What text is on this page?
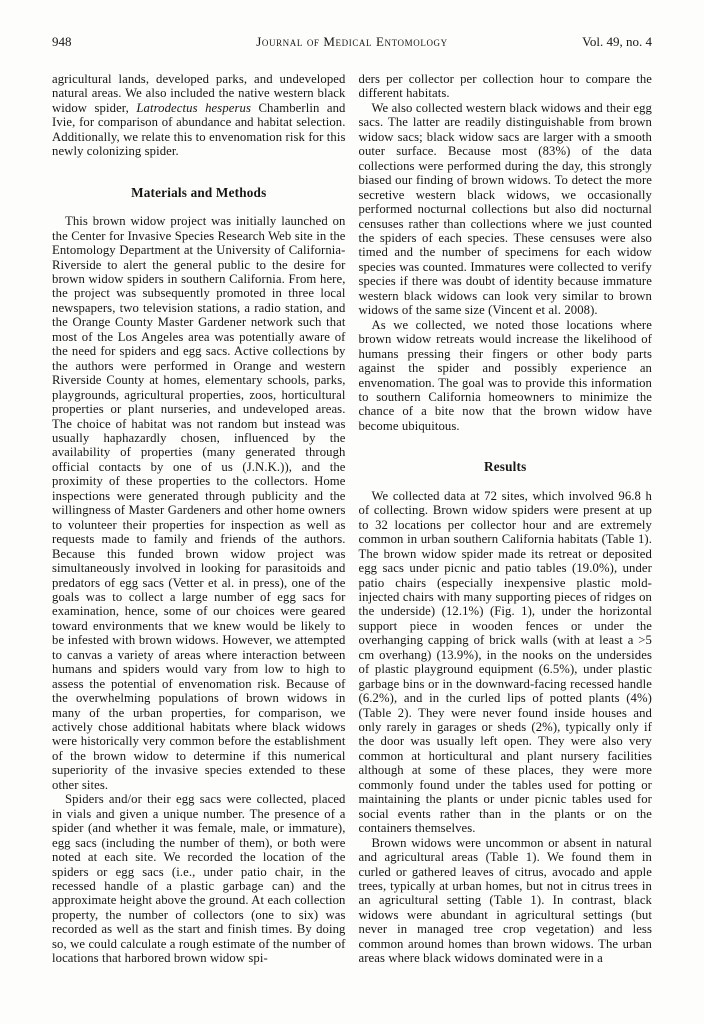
948	Journal of Medical Entomology	Vol. 49, no. 4

agricultural lands, developed parks, and undeveloped natural areas. We also included the native western black widow spider, Latrodectus hesperus Chamberlin and Ivie, for comparison of abundance and habitat selection. Additionally, we relate this to envenomation risk for this newly colonizing spider.

Materials and Methods

This brown widow project was initially launched on the Center for Invasive Species Research Web site in the Entomology Department at the University of California-Riverside to alert the general public to the desire for brown widow spiders in southern California. From here, the project was subsequently promoted in three local newspapers, two television stations, a radio station, and the Orange County Master Gardener network such that most of the Los Angeles area was potentially aware of the need for spiders and egg sacs. Active collections by the authors were performed in Orange and western Riverside County at homes, elementary schools, parks, playgrounds, agricultural properties, zoos, horticultural properties or plant nurseries, and undeveloped areas. The choice of habitat was not random but instead was usually haphazardly chosen, influenced by the availability of properties (many generated through official contacts by one of us (J.N.K.)), and the proximity of these properties to the collectors. Home inspections were generated through publicity and the willingness of Master Gardeners and other home owners to volunteer their properties for inspection as well as requests made to family and friends of the authors. Because this funded brown widow project was simultaneously involved in looking for parasitoids and predators of egg sacs (Vetter et al. in press), one of the goals was to collect a large number of egg sacs for examination, hence, some of our choices were geared toward environments that we knew would be likely to be infested with brown widows. However, we attempted to canvas a variety of areas where interaction between humans and spiders would vary from low to high to assess the potential of envenomation risk. Because of the overwhelming populations of brown widows in many of the urban properties, for comparison, we actively chose additional habitats where black widows were historically very common before the establishment of the brown widow to determine if this numerical superiority of the invasive species extended to these other sites.

Spiders and/or their egg sacs were collected, placed in vials and given a unique number. The presence of a spider (and whether it was female, male, or immature), egg sacs (including the number of them), or both were noted at each site. We recorded the location of the spiders or egg sacs (i.e., under patio chair, in the recessed handle of a plastic garbage can) and the approximate height above the ground. At each collection property, the number of collectors (one to six) was recorded as well as the start and finish times. By doing so, we could calculate a rough estimate of the number of locations that harbored brown widow spi-

ders per collector per collection hour to compare the different habitats.

We also collected western black widows and their egg sacs. The latter are readily distinguishable from brown widow sacs; black widow sacs are larger with a smooth outer surface. Because most (83%) of the data collections were performed during the day, this strongly biased our finding of brown widows. To detect the more secretive western black widows, we occasionally performed nocturnal collections but also did nocturnal censuses rather than collections where we just counted the spiders of each species. These censuses were also timed and the number of specimens for each widow species was counted. Immatures were collected to verify species if there was doubt of identity because immature western black widows can look very similar to brown widows of the same size (Vincent et al. 2008).

As we collected, we noted those locations where brown widow retreats would increase the likelihood of humans pressing their fingers or other body parts against the spider and possibly experience an envenomation. The goal was to provide this information to southern California homeowners to minimize the chance of a bite now that the brown widow have become ubiquitous.

Results

We collected data at 72 sites, which involved 96.8 h of collecting. Brown widow spiders were present at up to 32 locations per collector hour and are extremely common in urban southern California habitats (Table 1). The brown widow spider made its retreat or deposited egg sacs under picnic and patio tables (19.0%), under patio chairs (especially inexpensive plastic mold-injected chairs with many supporting pieces of ridges on the underside) (12.1%) (Fig. 1), under the horizontal support piece in wooden fences or under the overhanging capping of brick walls (with at least a >5 cm overhang) (13.9%), in the nooks on the undersides of plastic playground equipment (6.5%), under plastic garbage bins or in the downward-facing recessed handle (6.2%), and in the curled lips of potted plants (4%) (Table 2). They were never found inside houses and only rarely in garages or sheds (2%), typically only if the door was usually left open. They were also very common at horticultural and plant nursery facilities although at some of these places, they were more commonly found under the tables used for potting or maintaining the plants or under picnic tables used for social events rather than in the plants or on the containers themselves.

Brown widows were uncommon or absent in natural and agricultural areas (Table 1). We found them in curled or gathered leaves of citrus, avocado and apple trees, typically at urban homes, but not in citrus trees in an agricultural setting (Table 1). In contrast, black widows were abundant in agricultural settings (but never in managed tree crop vegetation) and less common around homes than brown widows. The urban areas where black widows dominated were in a
